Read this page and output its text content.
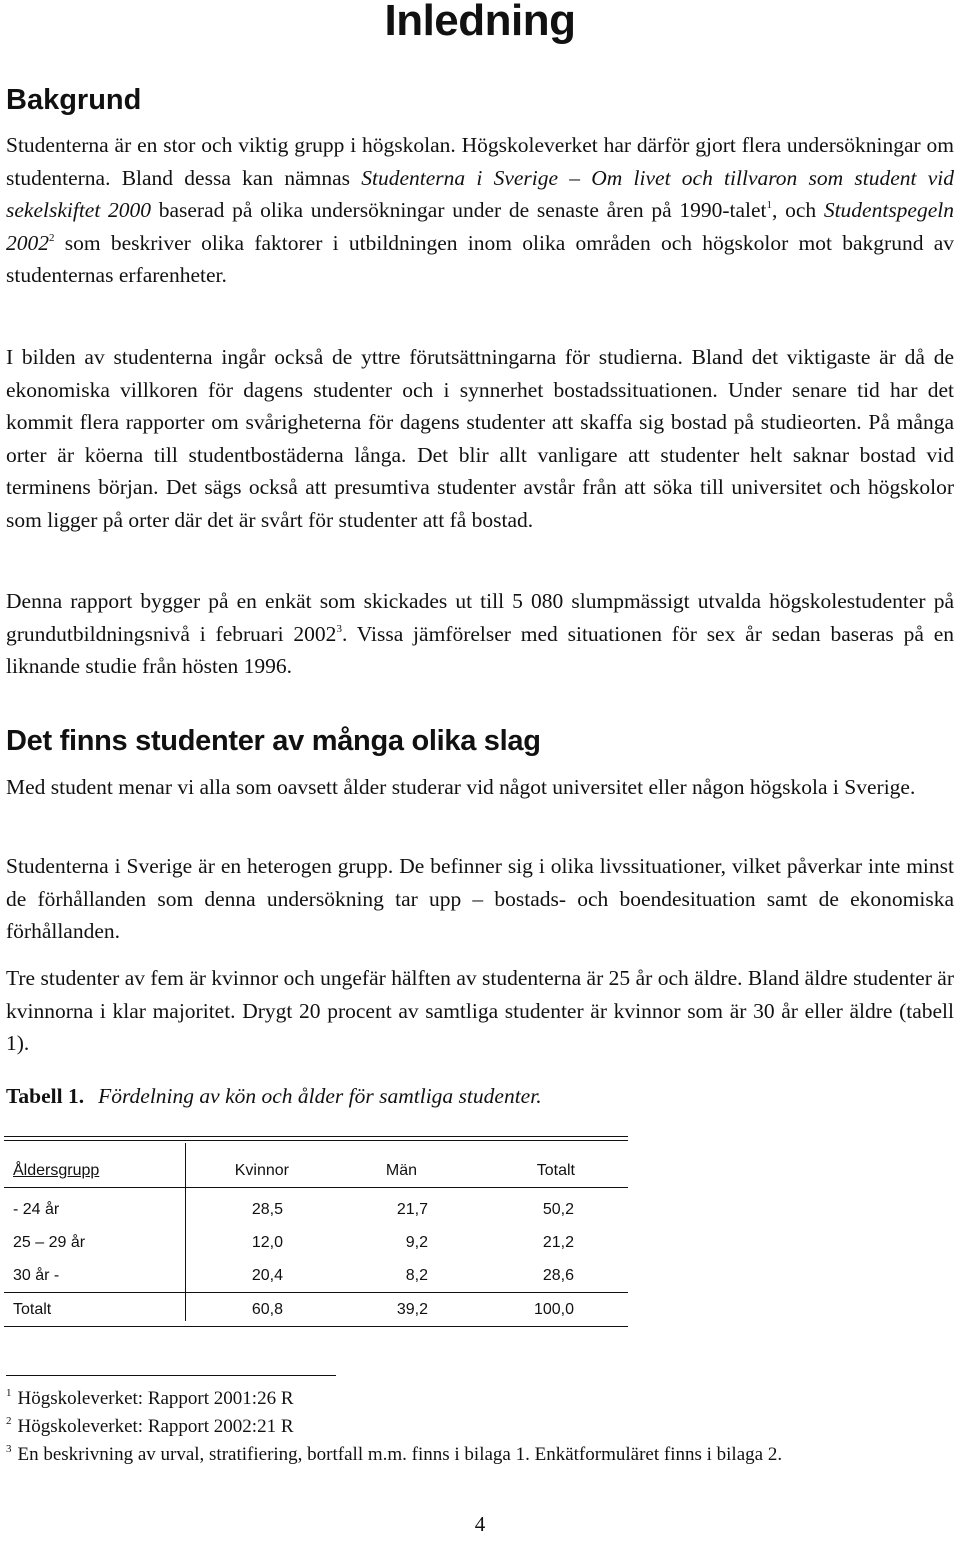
Inledning
Bakgrund

Studenterna är en stor och viktig grupp i högskolan. Högskoleverket har därför gjort flera undersökningar om studenterna. Bland dessa kan nämnas Studenterna i Sverige – Om livet och tillvaron som student vid sekelskiftet 2000 baserad på olika undersökningar under de senaste åren på 1990-talet$^1$, och Studentspegeln 2002$^2$ som beskriver olika faktorer i utbildningen inom olika områden och högskolor mot bakgrund av studenternas erfarenheter.

I bilden av studenterna ingår också de yttre förutsättningarna för studierna. Bland det viktigaste är då de ekonomiska villkoren för dagens studenter och i synnerhet bostadssituationen. Under senare tid har det kommit flera rapporter om svårigheterna för dagens studenter att skaffa sig bostad på studieorten. På många orter är köerna till studentbostäderna långa. Det blir allt vanligare att studenter helt saknar bostad vid terminens början. Det sägs också att presumtiva studenter avstår från att söka till universitet och högskolor som ligger på orter där det är svårt för studenter att få bostad.

Denna rapport bygger på en enkät som skickades ut till 5 080 slumpmässigt utvalda högskolestudenter på grundutbildningsnivå i februari 2002$^3$. Vissa jämförelser med situationen för sex år sedan baseras på en liknande studie från hösten 1996.

Det finns studenter av många olika slag

Med student menar vi alla som oavsett ålder studerar vid något universitet eller någon högskola i Sverige.

Studenterna i Sverige är en heterogen grupp. De befinner sig i olika livssituationer, vilket påverkar inte minst de förhållanden som denna undersökning tar upp – bostads- och boendesituation samt de ekonomiska förhållanden.

Tre studenter av fem är kvinnor och ungefär hälften av studenterna är 25 år och äldre. Bland äldre studenter är kvinnorna i klar majoritet. Drygt 20 procent av samtliga studenter är kvinnor som är 30 år eller äldre (tabell 1).

Tabell 1. Fördelning av kön och ålder för samtliga studenter.

Åldersgrupp	Kvinnor	Män	Totalt
- 24 år	28,5	21,7	50,2
25 – 29 år	12,0	9,2	21,2
30 år -	20,4	8,2	28,6
Totalt	60,8	39,2	100,0

$^1$ Högskoleverket: Rapport 2001:26 R

$^2$ Högskoleverket: Rapport 2002:21 R

$^3$ En beskrivning av urval, stratifiering, bortfall m.m. finns i bilaga 1. Enkätformuläret finns i bilaga 2.

4
